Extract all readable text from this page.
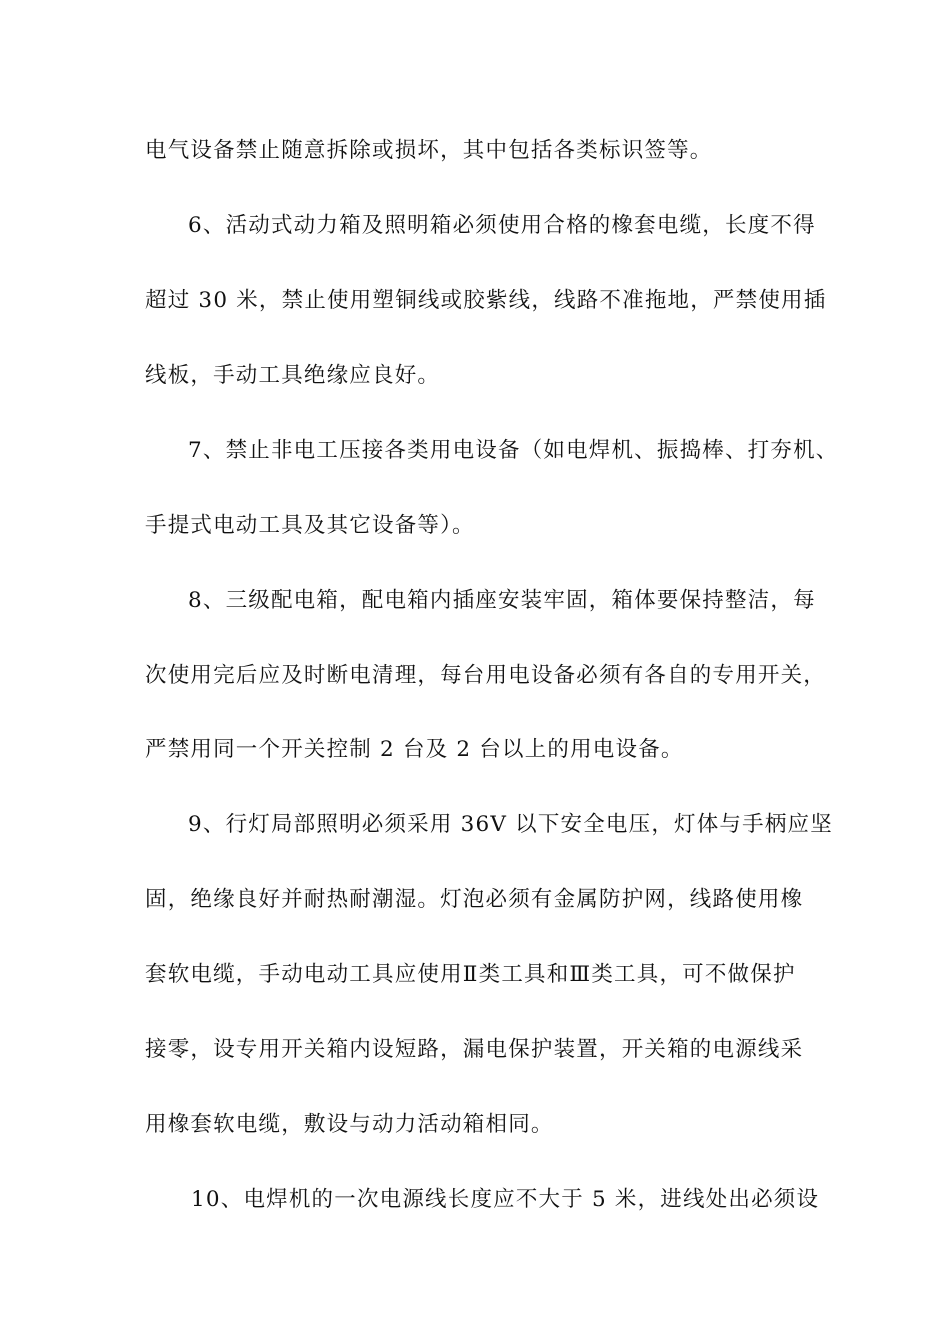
电气设备禁止随意拆除或损坏，其中包括各类标识签等。
6、活动式动力箱及照明箱必须使用合格的橡套电缆，长度不得
超过 30 米，禁止使用塑铜线或胶紫线，线路不准拖地，严禁使用插
线板，手动工具绝缘应良好。
7、禁止非电工压接各类用电设备（如电焊机、振捣棒、打夯机、
手提式电动工具及其它设备等）。
8、三级配电箱，配电箱内插座安装牢固，箱体要保持整洁，每
次使用完后应及时断电清理，每台用电设备必须有各自的专用开关，
严禁用同一个开关控制 2 台及 2 台以上的用电设备。
9、行灯局部照明必须采用 36V 以下安全电压，灯体与手柄应坚
固，绝缘良好并耐热耐潮湿。灯泡必须有金属防护网，线路使用橡
套软电缆，手动电动工具应使用Ⅱ类工具和Ⅲ类工具，可不做保护
接零，设专用开关箱内设短路，漏电保护装置，开关箱的电源线采
用橡套软电缆，敷设与动力活动箱相同。
10、电焊机的一次电源线长度应不大于 5 米，进线处出必须设
